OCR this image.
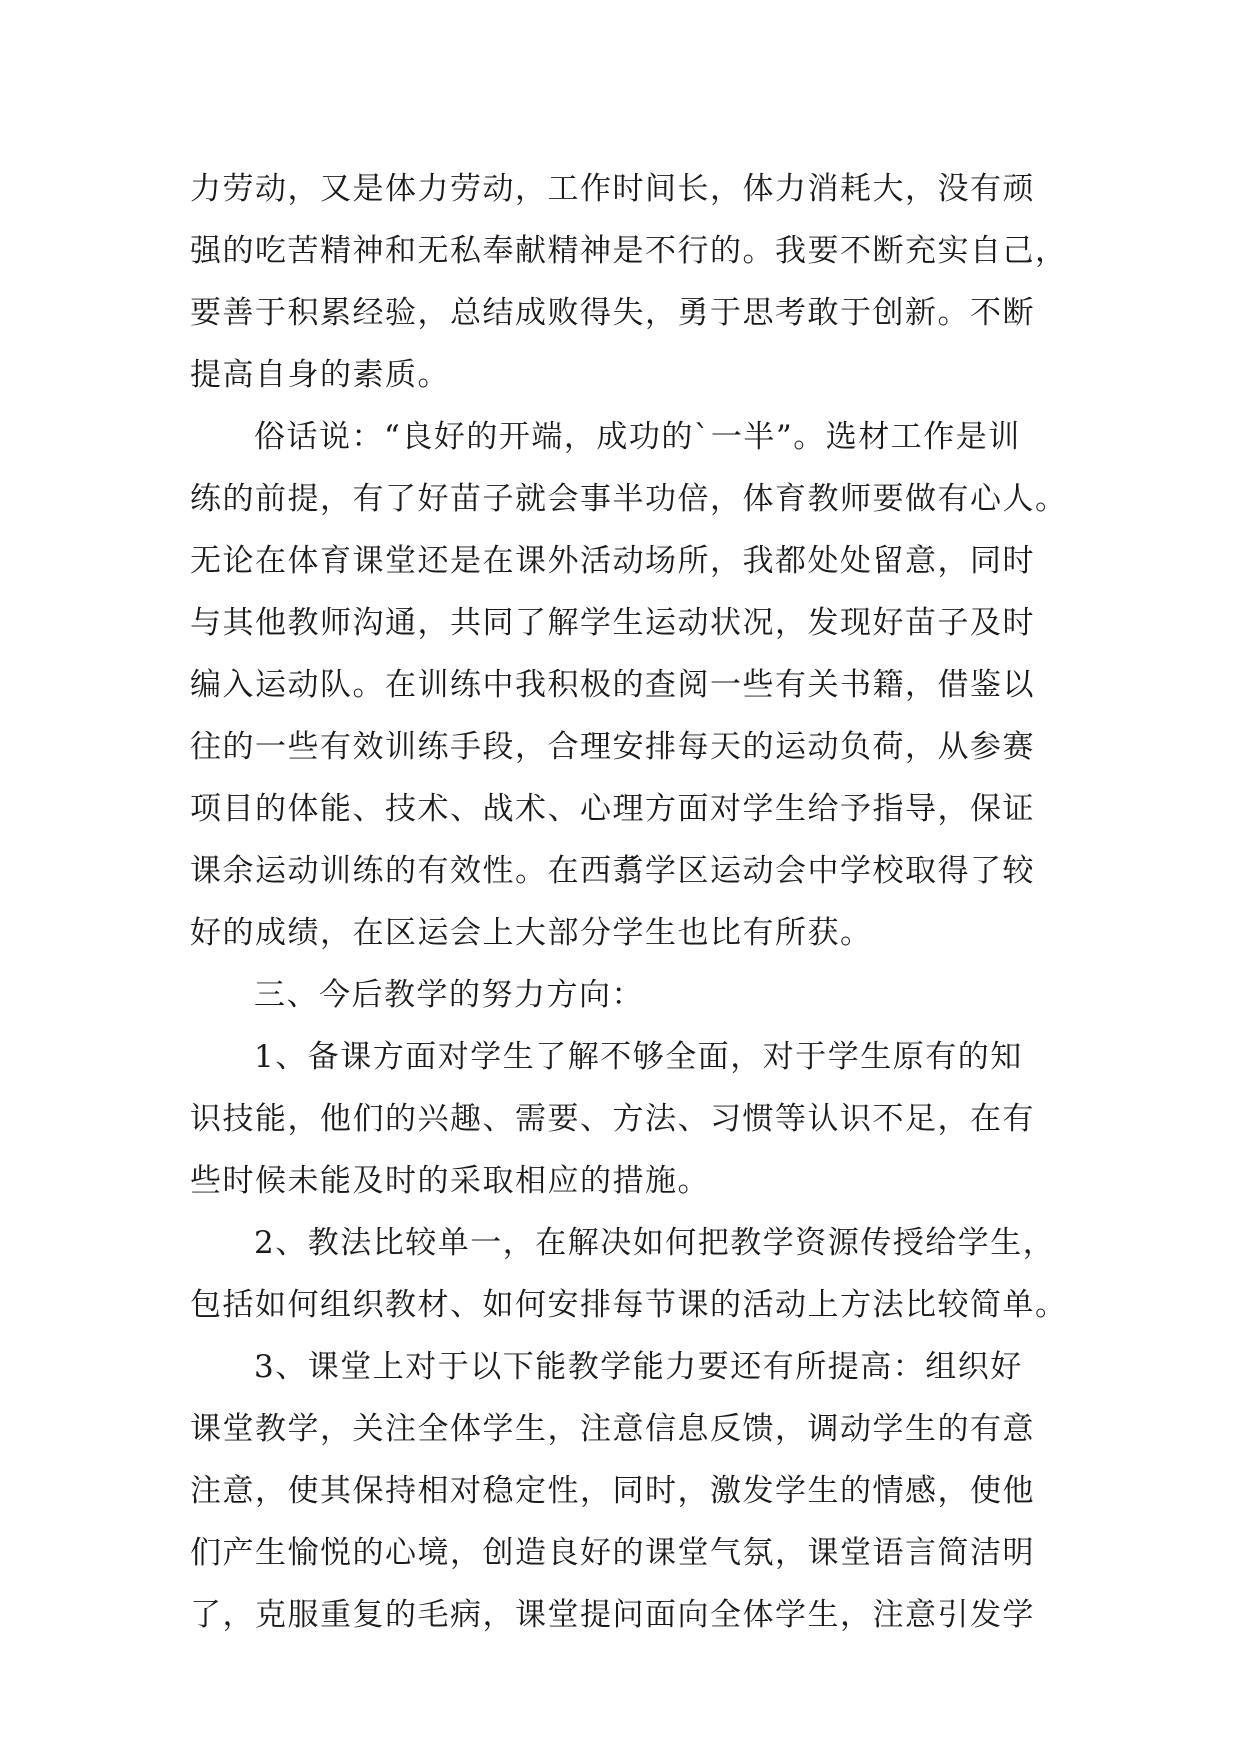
力劳动，又是体力劳动，工作时间长，体力消耗大，没有顽
强的吃苦精神和无私奉献精神是不行的。我要不断充实自己，
要善于积累经验，总结成败得失，勇于思考敢于创新。不断
提高自身的素质。
俗话说：“良好的开端，成功的`一半”。选材工作是训
练的前提，有了好苗子就会事半功倍，体育教师要做有心人。
无论在体育课堂还是在课外活动场所，我都处处留意，同时
与其他教师沟通，共同了解学生运动状况，发现好苗子及时
编入运动队。在训练中我积极的查阅一些有关书籍，借鉴以
往的一些有效训练手段，合理安排每天的运动负荷，从参赛
项目的体能、技术、战术、心理方面对学生给予指导，保证
课余运动训练的有效性。在西翥学区运动会中学校取得了较
好的成绩，在区运会上大部分学生也比有所获。
三、今后教学的努力方向：
1、备课方面对学生了解不够全面，对于学生原有的知
识技能，他们的兴趣、需要、方法、习惯等认识不足，在有
些时候未能及时的采取相应的措施。
2、教法比较单一，在解决如何把教学资源传授给学生，
包括如何组织教材、如何安排每节课的活动上方法比较简单。
3、课堂上对于以下能教学能力要还有所提高：组织好
课堂教学，关注全体学生，注意信息反馈，调动学生的有意
注意，使其保持相对稳定性，同时，激发学生的情感，使他
们产生愉悦的心境，创造良好的课堂气氛，课堂语言简洁明
了，克服重复的毛病，课堂提问面向全体学生，注意引发学
